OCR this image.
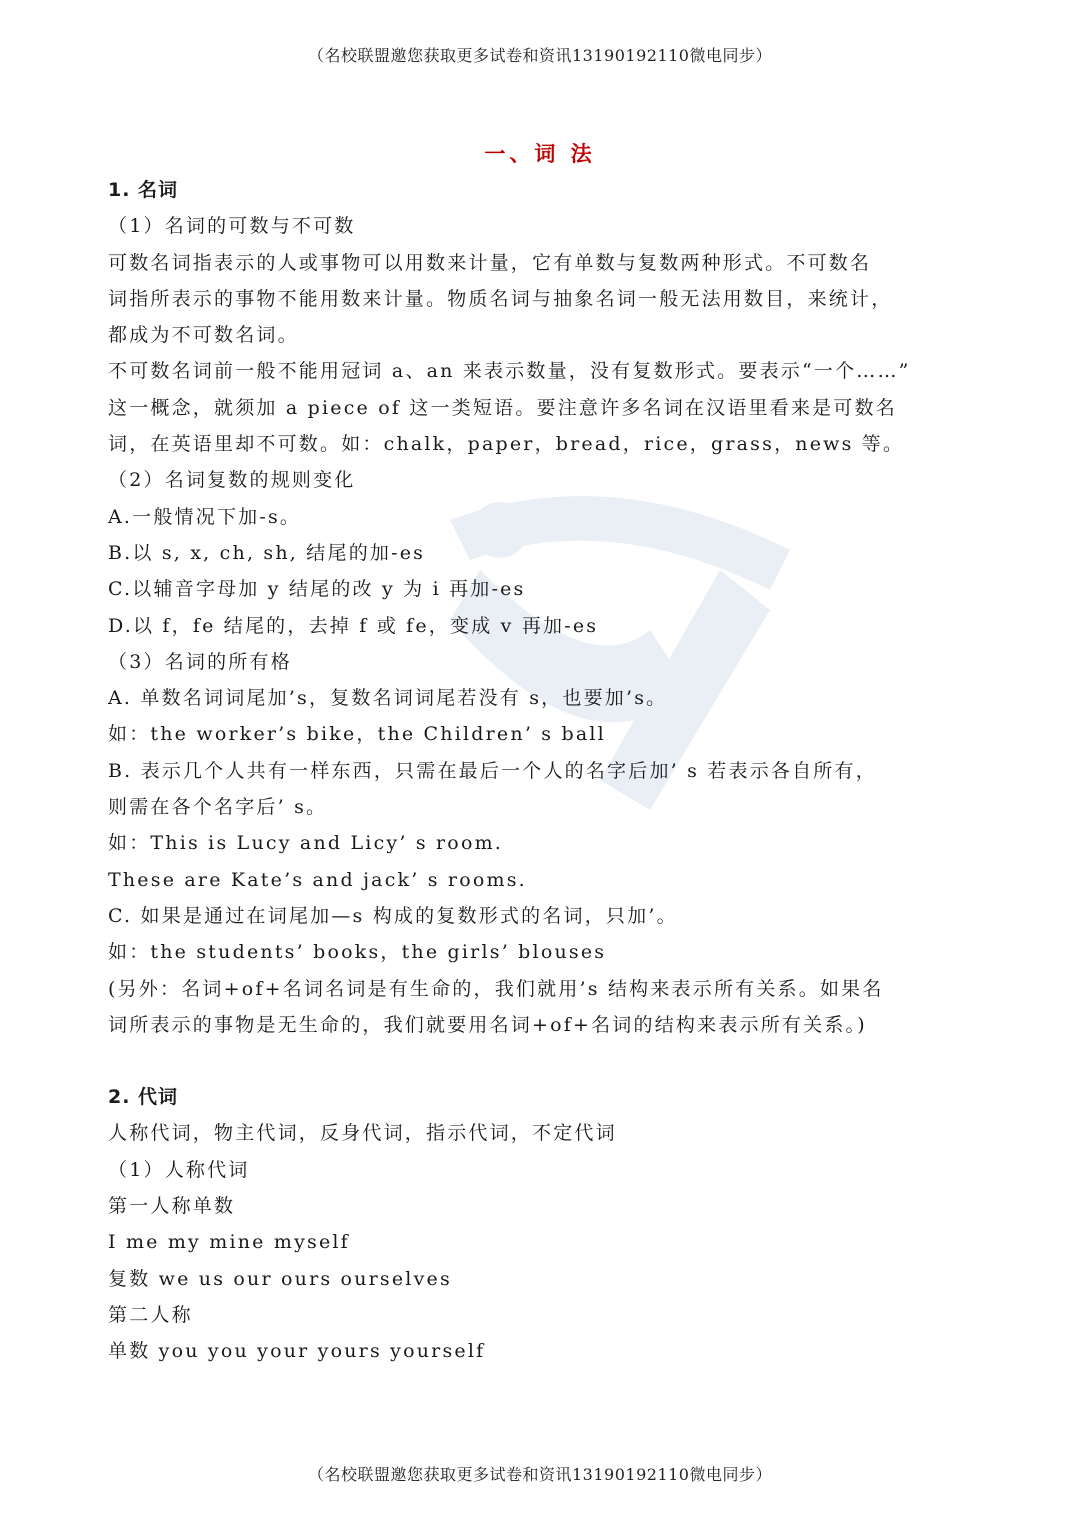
（名校联盟邀您获取更多试卷和资讯13190192110微电同步）
一、词 法
1. 名词
（1）名词的可数与不可数
可数名词指表示的人或事物可以用数来计量，它有单数与复数两种形式。不可数名
词指所表示的事物不能用数来计量。物质名词与抽象名词一般无法用数目，来统计，
都成为不可数名词。
不可数名词前一般不能用冠词 a、an 来表示数量，没有复数形式。要表示“一个……”
这一概念，就须加 a piece of 这一类短语。要注意许多名词在汉语里看来是可数名
词，在英语里却不可数。如：chalk，paper，bread，rice，grass，news 等。
（2）名词复数的规则变化
A.一般情况下加-s。
B.以 s, x, ch, sh, 结尾的加-es
C.以辅音字母加 y 结尾的改 y 为 i 再加-es
D.以 f，fe 结尾的，去掉 f 或 fe，变成 v 再加-es
（3）名词的所有格
A. 单数名词词尾加’s，复数名词词尾若没有 s，也要加’s。
如：the worker’s bike，the Children’ s ball
B. 表示几个人共有一样东西，只需在最后一个人的名字后加’ s 若表示各自所有，
则需在各个名字后’ s。
如：This is Lucy and Licy’ s room.
These are Kate’s and jack’ s rooms.
C. 如果是通过在词尾加—s 构成的复数形式的名词，只加’。
如：the students’ books，the girls’ blouses
(另外：名词+of+名词名词是有生命的，我们就用’s 结构来表示所有关系。如果名
词所表示的事物是无生命的，我们就要用名词+of+名词的结构来表示所有关系。)
2. 代词
人称代词，物主代词，反身代词，指示代词，不定代词
（1）人称代词
第一人称单数
I me my mine myself
复数 we us our ours ourselves
第二人称
单数 you you your yours yourself
（名校联盟邀您获取更多试卷和资讯13190192110微电同步）
